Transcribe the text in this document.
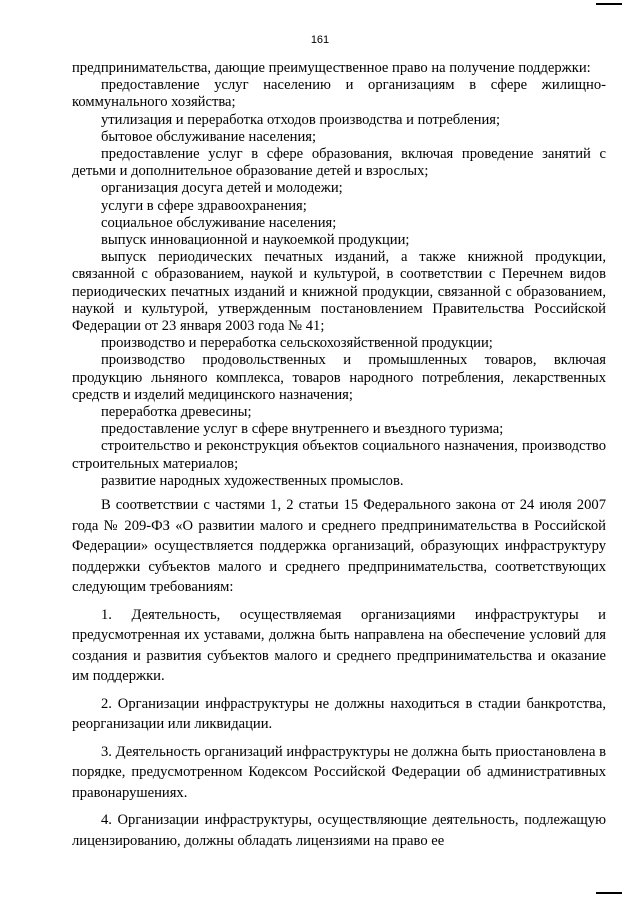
161

предпринимательства, дающие преимущественное право на получение поддержки:

предоставление услуг населению и организациям в сфере жилищно-коммунального хозяйства;

утилизация и переработка отходов производства и потребления;

бытовое обслуживание населения;

предоставление услуг в сфере образования, включая проведение занятий с детьми и дополнительное образование детей и взрослых;

организация досуга детей и молодежи;

услуги в сфере здравоохранения;

социальное обслуживание населения;

выпуск инновационной и наукоемкой продукции;

выпуск периодических печатных изданий, а также книжной продукции, связанной с образованием, наукой и культурой, в соответствии с Перечнем видов периодических печатных изданий и книжной продукции, связанной с образованием, наукой и культурой, утвержденным постановлением Правительства Российской Федерации от 23 января 2003 года № 41;

производство и переработка сельскохозяйственной продукции;

производство продовольственных и промышленных товаров, включая продукцию льняного комплекса, товаров народного потребления, лекарственных средств и изделий медицинского назначения;

переработка древесины;

предоставление услуг в сфере внутреннего и въездного туризма;

строительство и реконструкция объектов социального назначения, производство строительных материалов;

развитие народных художественных промыслов.

В соответствии с частями 1, 2 статьи 15 Федерального закона от 24 июля 2007 года № 209-ФЗ «О развитии малого и среднего предпринимательства в Российской Федерации» осуществляется поддержка организаций, образующих инфраструктуру поддержки субъектов малого и среднего предпринимательства, соответствующих следующим требованиям:

1. Деятельность, осуществляемая организациями инфраструктуры и предусмотренная их уставами, должна быть направлена на обеспечение условий для создания и развития субъектов малого и среднего предпринимательства и оказание им поддержки.

2. Организации инфраструктуры не должны находиться в стадии банкротства, реорганизации или ликвидации.

3. Деятельность организаций инфраструктуры не должна быть приостановлена в порядке, предусмотренном Кодексом Российской Федерации об административных правонарушениях.

4. Организации инфраструктуры, осуществляющие деятельность, подлежащую лицензированию, должны обладать лицензиями на право ее
